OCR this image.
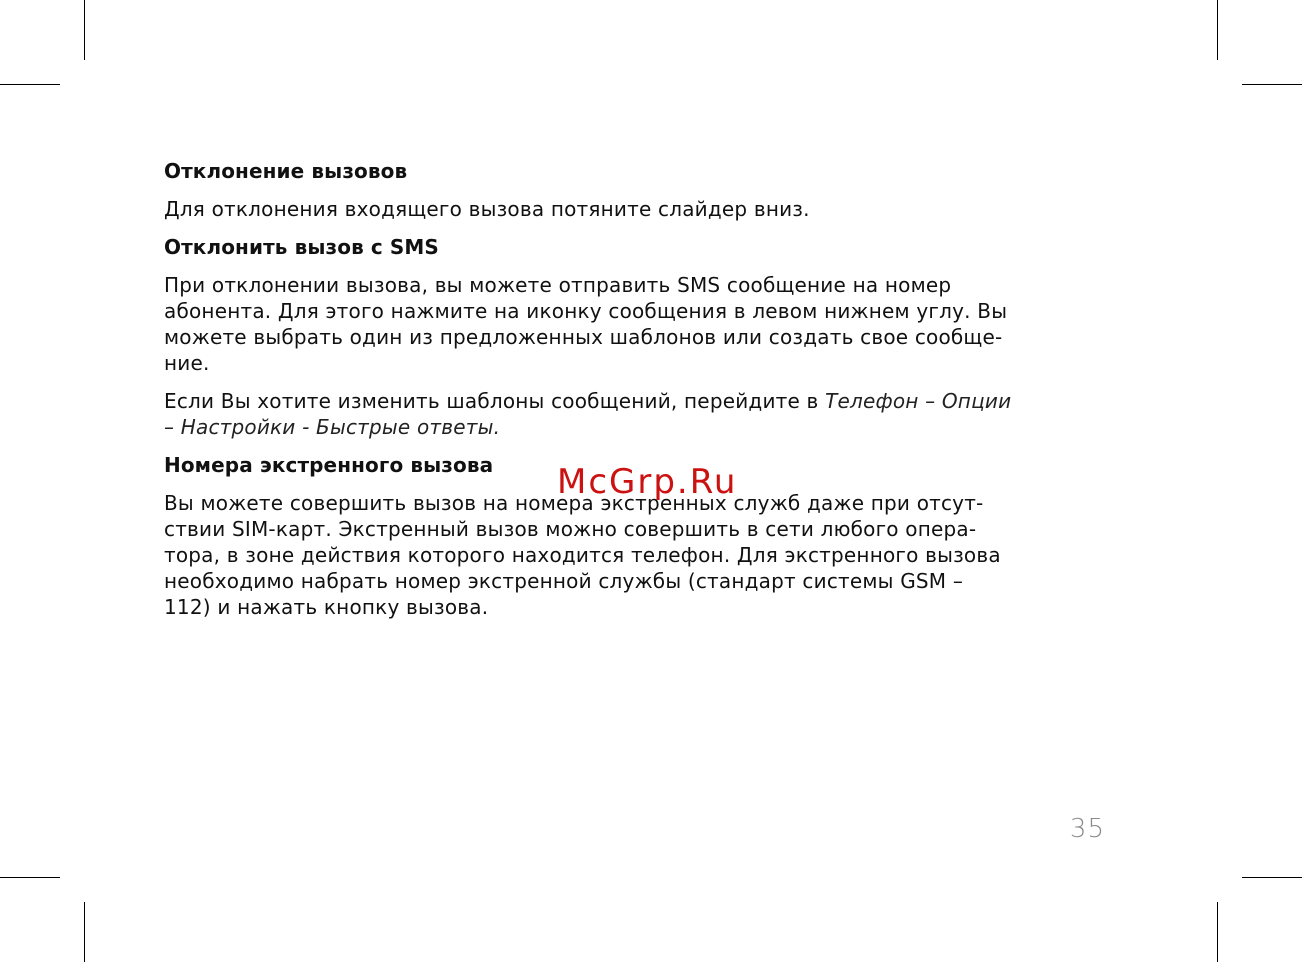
Отклонение вызовов
Для отклонения входящего вызова потяните слайдер вниз.
Отклонить вызов с SMS
При отклонении вызова, вы можете отправить SMS сообщение на номер
абонента. Для этого нажмите на иконку сообщения в левом нижнем углу. Вы
можете выбрать один из предложенных шаблонов или создать свое сообще-
ние.
Если Вы хотите изменить шаблоны сообщений, перейдите в Телефон – Опции
– Настройки - Быстрые ответы.
Номера экстренного вызова
Вы можете совершить вызов на номера экстренных служб даже при отсут-
ствии SIM-карт. Экстренный вызов можно совершить в сети любого опера-
тора, в зоне действия которого находится телефон. Для экстренного вызова
необходимо набрать номер экстренной службы (стандарт системы GSM –
112) и нажать кнопку вызова.
McGrp.Ru
35
